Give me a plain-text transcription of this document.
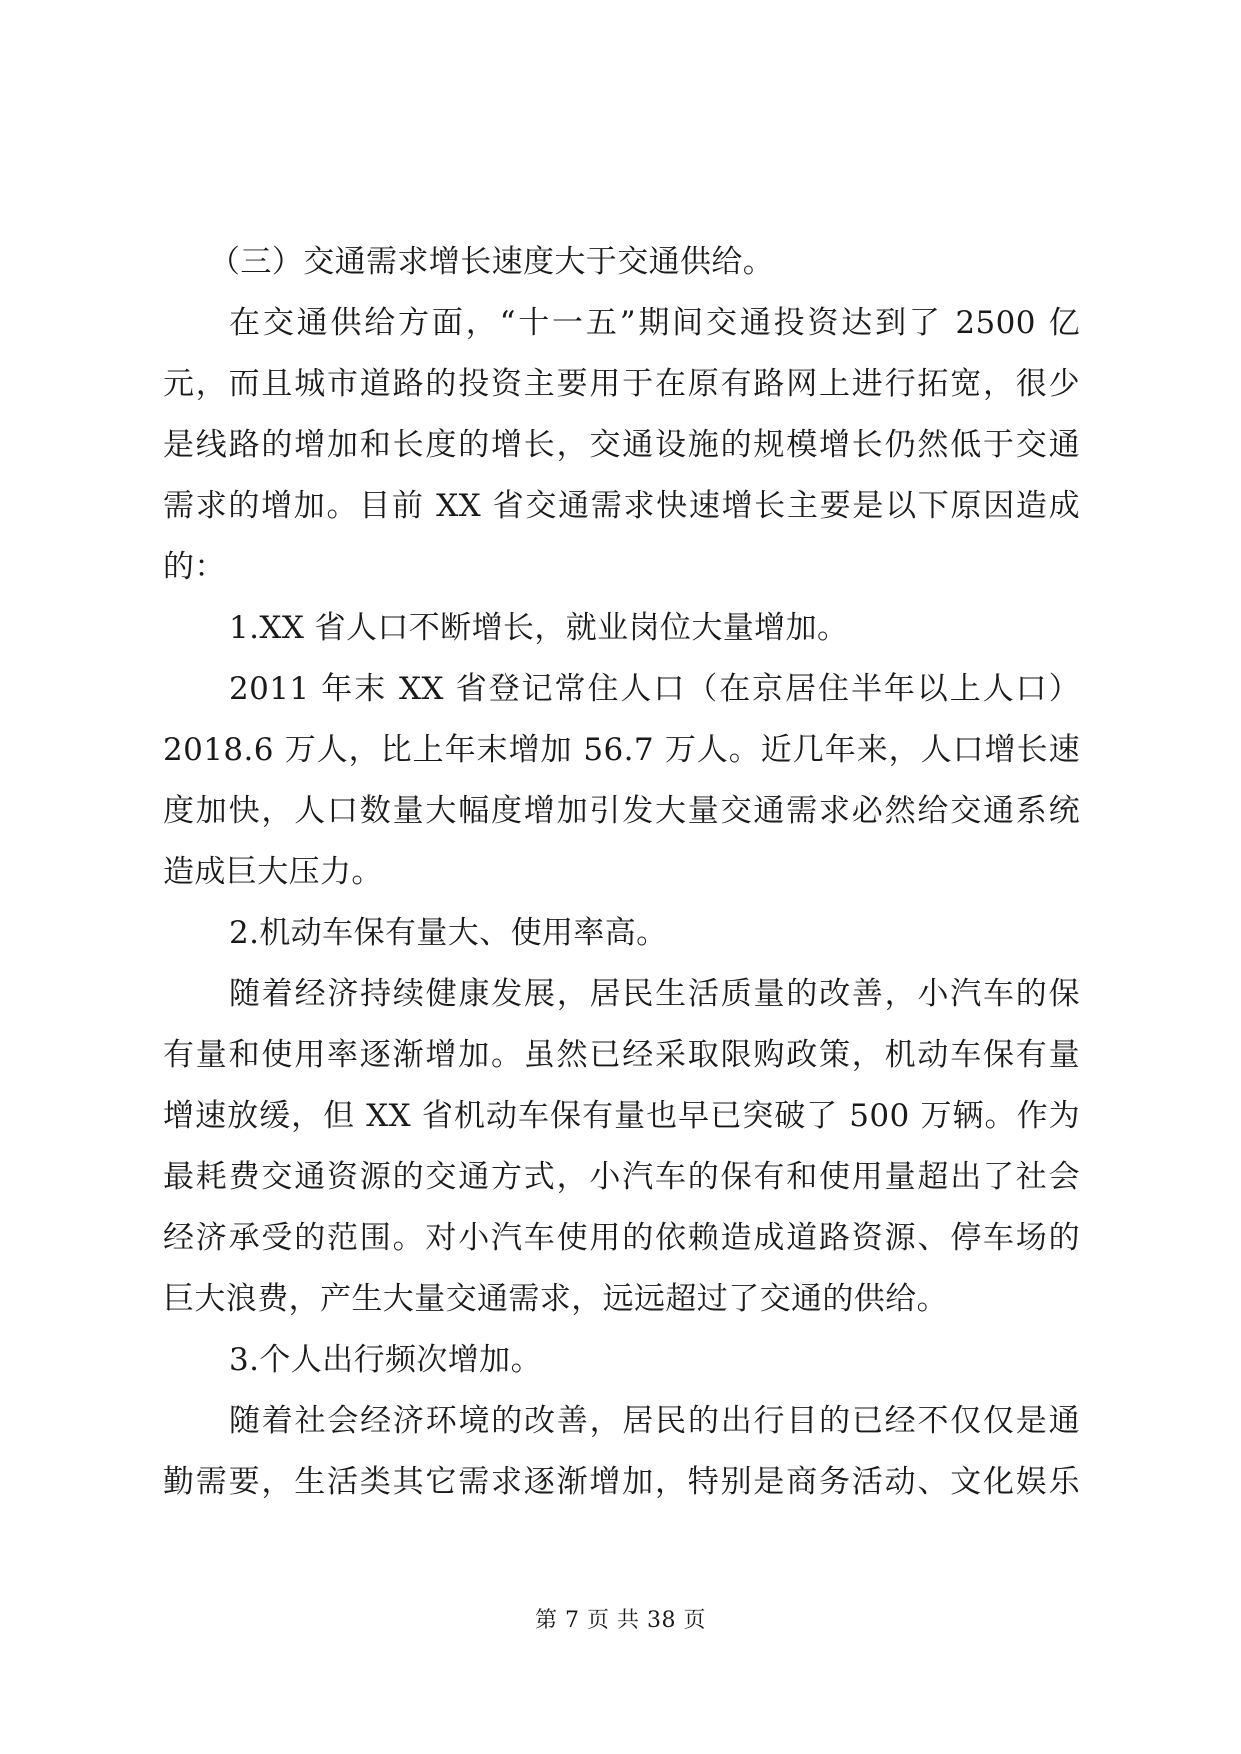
（三）交通需求增长速度大于交通供给。
在交通供给方面，“十一五”期间交通投资达到了 2500 亿
元，而且城市道路的投资主要用于在原有路网上进行拓宽，很少
是线路的增加和长度的增长，交通设施的规模增长仍然低于交通
需求的增加。目前 XX 省交通需求快速增长主要是以下原因造成
的：
1.XX 省人口不断增长，就业岗位大量增加。
2011 年末 XX 省登记常住人口（在京居住半年以上人口）
2018.6 万人，比上年末增加 56.7 万人。近几年来，人口增长速
度加快，人口数量大幅度增加引发大量交通需求必然给交通系统
造成巨大压力。
2.机动车保有量大、使用率高。
随着经济持续健康发展，居民生活质量的改善，小汽车的保
有量和使用率逐渐增加。虽然已经采取限购政策，机动车保有量
增速放缓，但 XX 省机动车保有量也早已突破了 500 万辆。作为
最耗费交通资源的交通方式，小汽车的保有和使用量超出了社会
经济承受的范围。对小汽车使用的依赖造成道路资源、停车场的
巨大浪费，产生大量交通需求，远远超过了交通的供给。
3.个人出行频次增加。
随着社会经济环境的改善，居民的出行目的已经不仅仅是通
勤需要，生活类其它需求逐渐增加，特别是商务活动、文化娱乐
第 7 页 共 38 页
